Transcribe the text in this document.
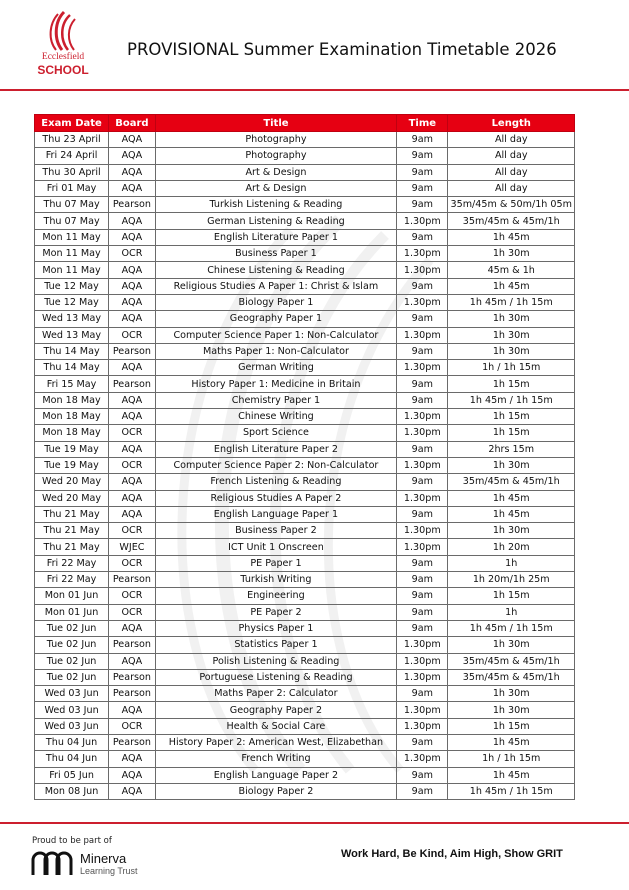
Ecclesfield
SCHOOL
PROVISIONAL Summer Examination Timetable 2026
Exam Date	Board	Title	Time	Length
Thu 23 April	AQA	Photography	9am	All day
Fri 24 April	AQA	Photography	9am	All day
Thu 30 April	AQA	Art & Design	9am	All day
Fri 01 May	AQA	Art & Design	9am	All day
Thu 07 May	Pearson	Turkish Listening & Reading	9am	35m/45m & 50m/1h 05m
Thu 07 May	AQA	German Listening & Reading	1.30pm	35m/45m & 45m/1h
Mon 11 May	AQA	English Literature Paper 1	9am	1h 45m
Mon 11 May	OCR	Business Paper 1	1.30pm	1h 30m
Mon 11 May	AQA	Chinese Listening & Reading	1.30pm	45m & 1h
Tue 12 May	AQA	Religious Studies A Paper 1: Christ & Islam	9am	1h 45m
Tue 12 May	AQA	Biology Paper 1	1.30pm	1h 45m / 1h 15m
Wed 13 May	AQA	Geography Paper 1	9am	1h 30m
Wed 13 May	OCR	Computer Science Paper 1: Non-Calculator	1.30pm	1h 30m
Thu 14 May	Pearson	Maths Paper 1: Non-Calculator	9am	1h 30m
Thu 14 May	AQA	German Writing	1.30pm	1h / 1h 15m
Fri 15 May	Pearson	History Paper 1: Medicine in Britain	9am	1h 15m
Mon 18 May	AQA	Chemistry Paper 1	9am	1h 45m / 1h 15m
Mon 18 May	AQA	Chinese Writing	1.30pm	1h 15m
Mon 18 May	OCR	Sport Science	1.30pm	1h 15m
Tue 19 May	AQA	English Literature Paper 2	9am	2hrs 15m
Tue 19 May	OCR	Computer Science Paper 2: Non-Calculator	1.30pm	1h 30m
Wed 20 May	AQA	French Listening & Reading	9am	35m/45m & 45m/1h
Wed 20 May	AQA	Religious Studies A Paper 2	1.30pm	1h 45m
Thu 21 May	AQA	English Language Paper 1	9am	1h 45m
Thu 21 May	OCR	Business Paper 2	1.30pm	1h 30m
Thu 21 May	WJEC	ICT Unit 1 Onscreen	1.30pm	1h 20m
Fri 22 May	OCR	PE Paper 1	9am	1h
Fri 22 May	Pearson	Turkish Writing	9am	1h 20m/1h 25m
Mon 01 Jun	OCR	Engineering	9am	1h 15m
Mon 01 Jun	OCR	PE Paper 2	9am	1h
Tue 02 Jun	AQA	Physics Paper 1	9am	1h 45m / 1h 15m
Tue 02 Jun	Pearson	Statistics Paper 1	1.30pm	1h 30m
Tue 02 Jun	AQA	Polish Listening & Reading	1.30pm	35m/45m & 45m/1h
Tue 02 Jun	Pearson	Portuguese Listening & Reading	1.30pm	35m/45m & 45m/1h
Wed 03 Jun	Pearson	Maths Paper 2: Calculator	9am	1h 30m
Wed 03 Jun	AQA	Geography Paper 2	1.30pm	1h 30m
Wed 03 Jun	OCR	Health & Social Care	1.30pm	1h 15m
Thu 04 Jun	Pearson	History Paper 2: American West, Elizabethan	9am	1h 45m
Thu 04 Jun	AQA	French Writing	1.30pm	1h / 1h 15m
Fri 05 Jun	AQA	English Language Paper 2	9am	1h 45m
Mon 08 Jun	AQA	Biology Paper 2	9am	1h 45m / 1h 15m
Proud to be part of
Minerva
Learning Trust
Work Hard, Be Kind, Aim High, Show GRIT
